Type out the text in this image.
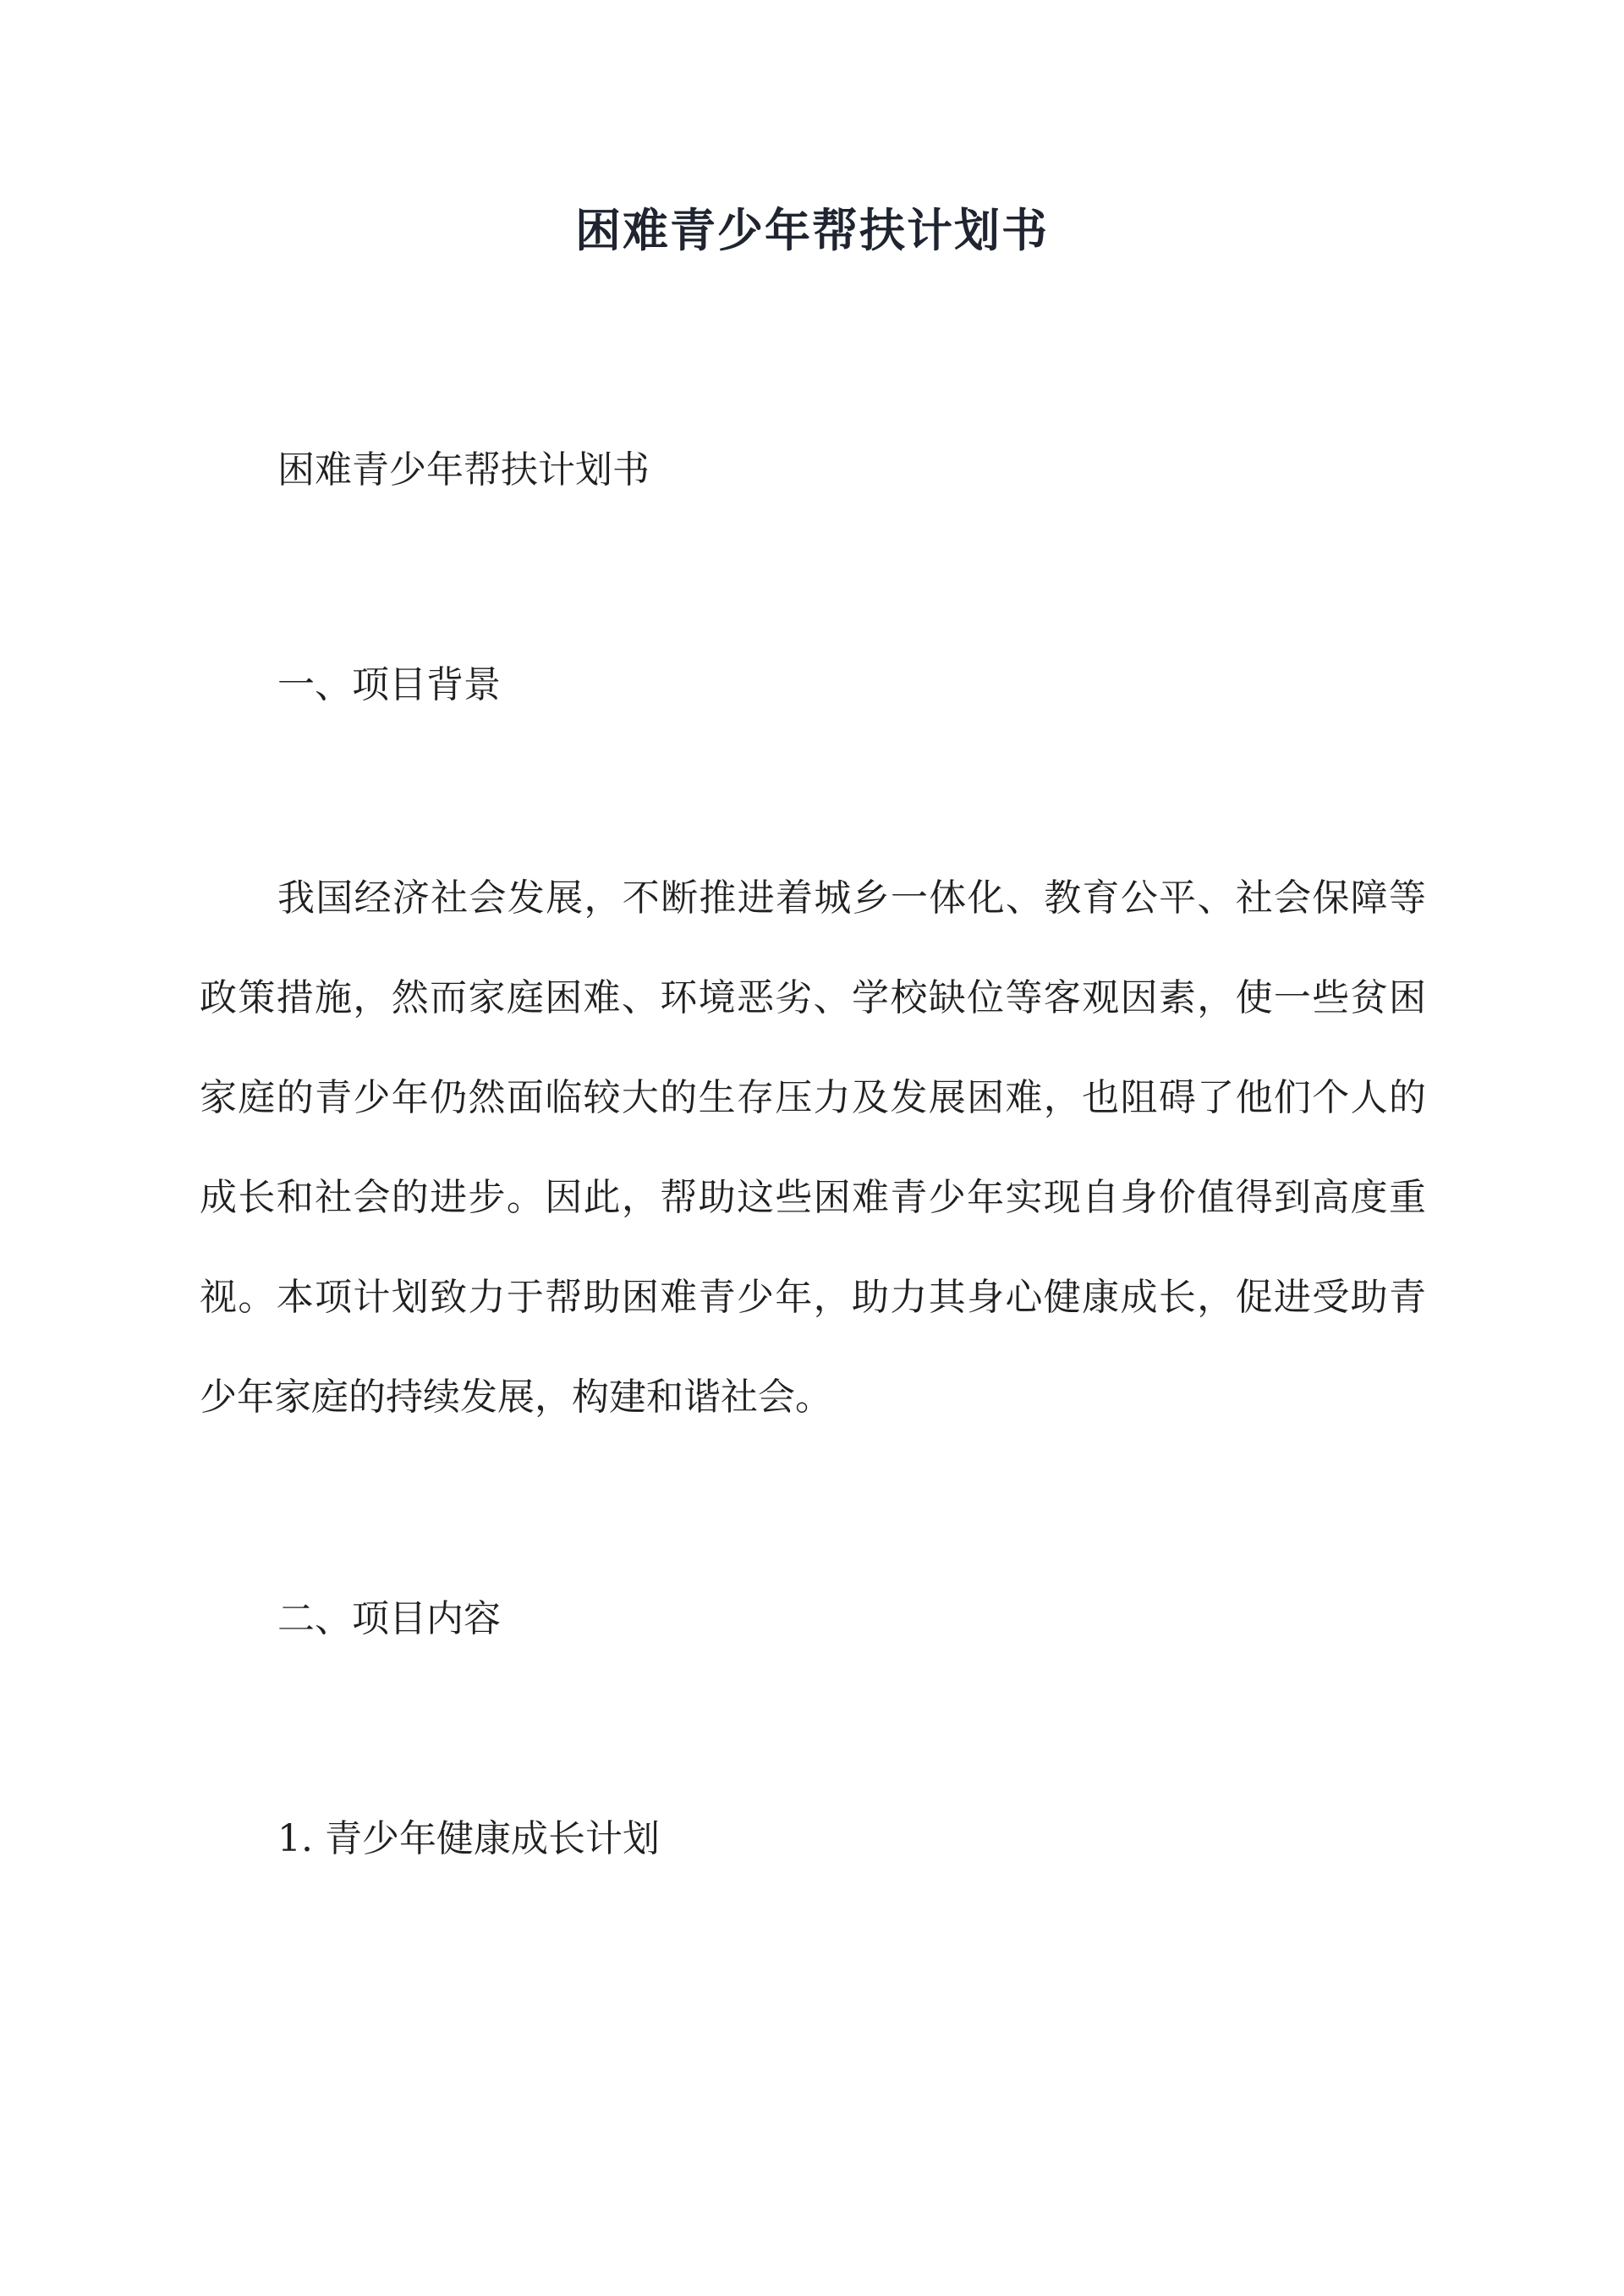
困难青少年帮扶计划书
困难青少年帮扶计划书
一、项目背景
我国经济社会发展，不断推进着城乡一体化、教育公平、社会保障等
政策措施，然而家庭困难、环境恶劣、学校缺位等客观因素，使一些贫困
家庭的青少年仍然面临较大的生存压力及发展困难，也阻碍了他们个人的
成长和社会的进步。因此，帮助这些困难青少年实现自身价值得到高度重
视。本项计划致力于帮助困难青少年，助力其身心健康成长，促进受助青
少年家庭的持续发展，构建和谐社会。
二、项目内容
1. 青少年健康成长计划
